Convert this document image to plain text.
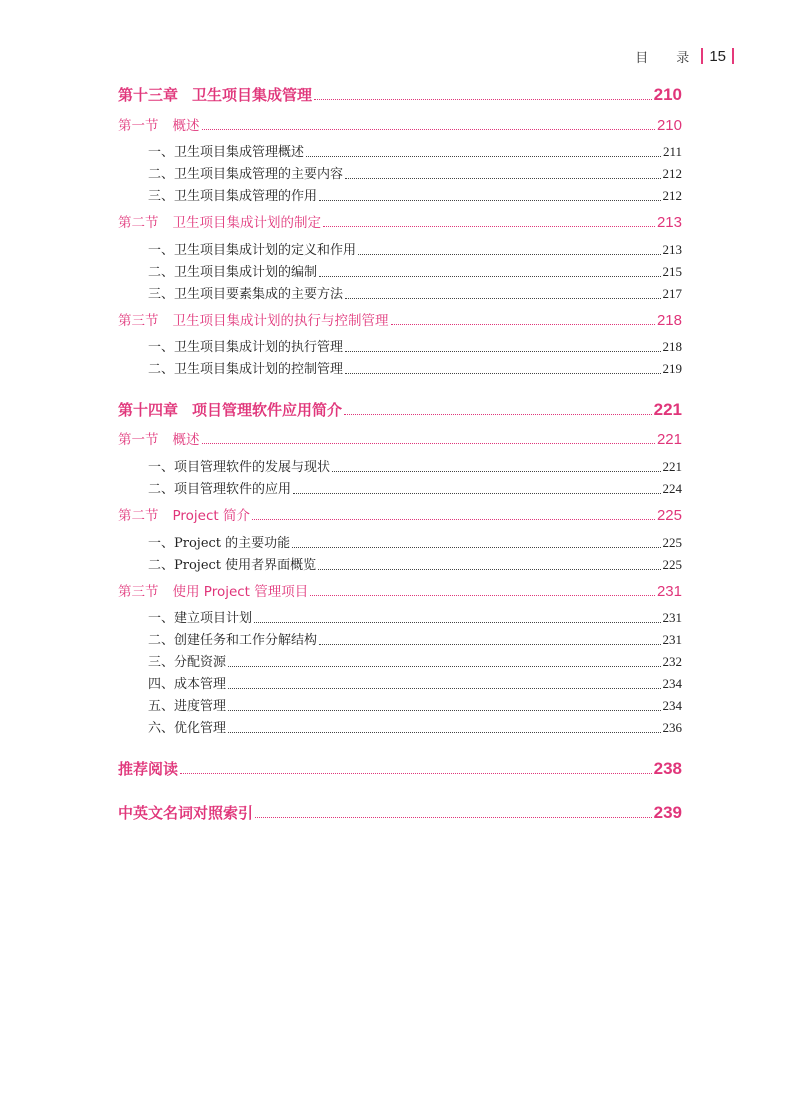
目 录 15
第十三章 卫生项目集成管理	210
第一节 概述	210
一、卫生项目集成管理概述	211
二、卫生项目集成管理的主要内容	212
三、卫生项目集成管理的作用	212
第二节 卫生项目集成计划的制定	213
一、卫生项目集成计划的定义和作用	213
二、卫生项目集成计划的编制	215
三、卫生项目要素集成的主要方法	217
第三节 卫生项目集成计划的执行与控制管理	218
一、卫生项目集成计划的执行管理	218
二、卫生项目集成计划的控制管理	219
第十四章 项目管理软件应用简介	221
第一节 概述	221
一、项目管理软件的发展与现状	221
二、项目管理软件的应用	224
第二节 Project 简介	225
一、Project 的主要功能	225
二、Project 使用者界面概览	225
第三节 使用 Project 管理项目	231
一、建立项目计划	231
二、创建任务和工作分解结构	231
三、分配资源	232
四、成本管理	234
五、进度管理	234
六、优化管理	236
推荐阅读	238
中英文名词对照索引	239
